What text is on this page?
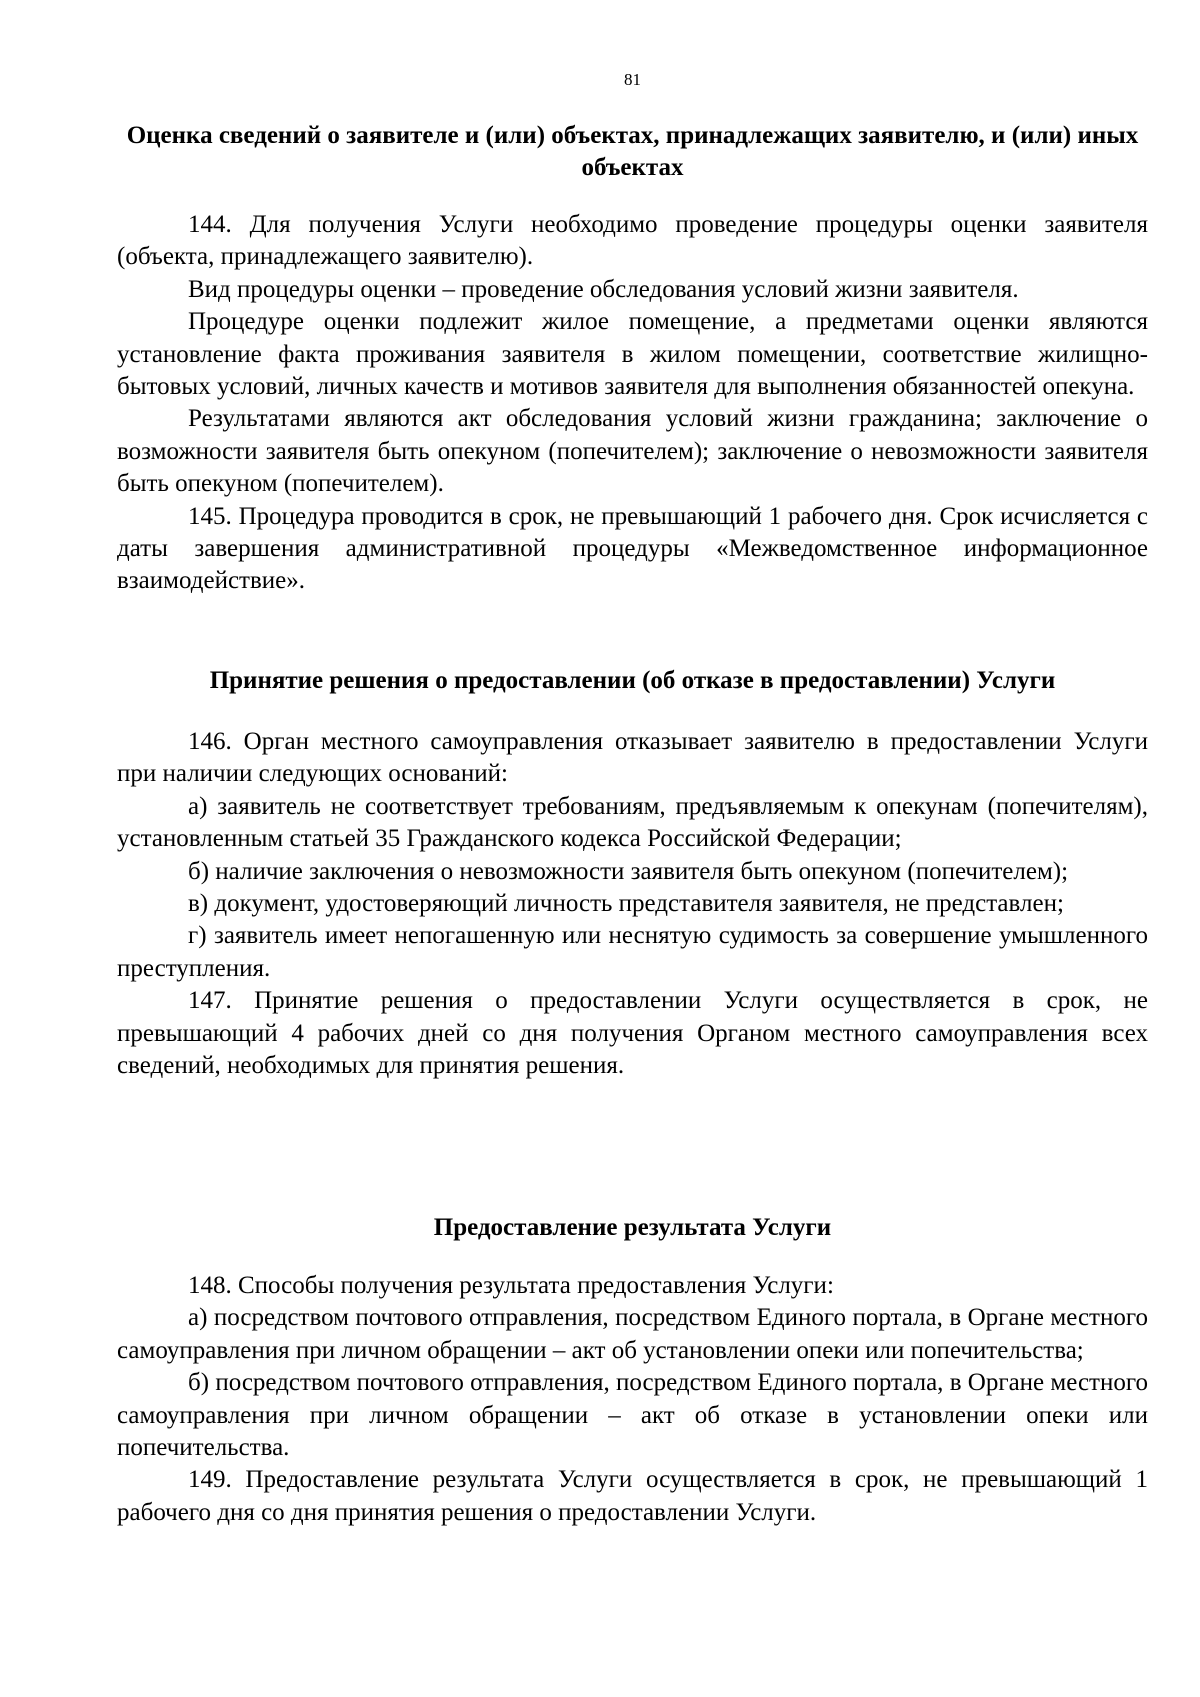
81
Оценка сведений о заявителе и (или) объектах, принадлежащих заявителю, и (или) иных объектах

144. Для получения Услуги необходимо проведение процедуры оценки заявителя (объекта, принадлежащего заявителю).

Вид процедуры оценки – проведение обследования условий жизни заявителя.

Процедуре оценки подлежит жилое помещение, а предметами оценки являются установление факта проживания заявителя в жилом помещении, соответствие жилищно-бытовых условий, личных качеств и мотивов заявителя для выполнения обязанностей опекуна.

Результатами являются акт обследования условий жизни гражданина; заключение о возможности заявителя быть опекуном (попечителем); заключение о невозможности заявителя быть опекуном (попечителем).

145. Процедура проводится в срок, не превышающий 1 рабочего дня. Срок исчисляется с даты завершения административной процедуры «Межведомственное информационное взаимодействие».

Принятие решения о предоставлении (об отказе в предоставлении) Услуги

146. Орган местного самоуправления отказывает заявителю в предоставлении Услуги при наличии следующих оснований:

а) заявитель не соответствует требованиям, предъявляемым к опекунам (попечителям), установленным статьей 35 Гражданского кодекса Российской Федерации;

б) наличие заключения о невозможности заявителя быть опекуном (попечителем);

в) документ, удостоверяющий личность представителя заявителя, не представлен;

г) заявитель имеет непогашенную или неснятую судимость за совершение умышленного преступления.

147. Принятие решения о предоставлении Услуги осуществляется в срок, не превышающий 4 рабочих дней со дня получения Органом местного самоуправления всех сведений, необходимых для принятия решения.

Предоставление результата Услуги

148. Способы получения результата предоставления Услуги:

а) посредством почтового отправления, посредством Единого портала, в Органе местного самоуправления при личном обращении – акт об установлении опеки или попечительства;

б) посредством почтового отправления, посредством Единого портала, в Органе местного самоуправления при личном обращении – акт об отказе в установлении опеки или попечительства.

149. Предоставление результата Услуги осуществляется в срок, не превышающий 1 рабочего дня со дня принятия решения о предоставлении Услуги.
